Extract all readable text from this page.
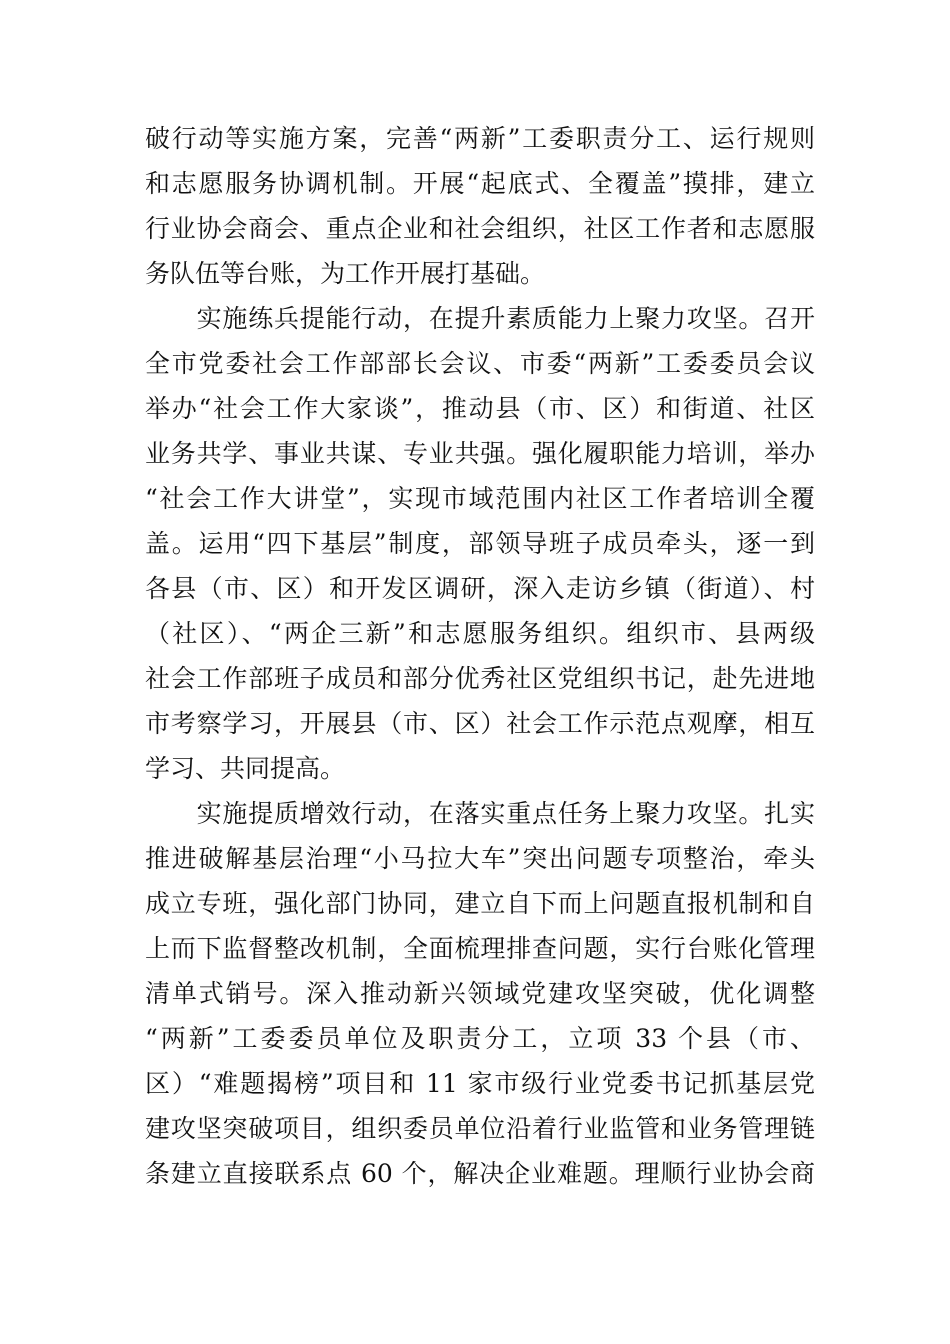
破行动等实施方案，完善“两新”工委职责分工、运行规则
和志愿服务协调机制。开展“起底式、全覆盖”摸排，建立
行业协会商会、重点企业和社会组织，社区工作者和志愿服
务队伍等台账，为工作开展打基础。
　　实施练兵提能行动，在提升素质能力上聚力攻坚。召开
全市党委社会工作部部长会议、市委“两新”工委委员会议
举办“社会工作大家谈”，推动县（市、区）和街道、社区
业务共学、事业共谋、专业共强。强化履职能力培训，举办
“社会工作大讲堂”，实现市域范围内社区工作者培训全覆
盖。运用“四下基层”制度，部领导班子成员牵头，逐一到
各县（市、区）和开发区调研，深入走访乡镇（街道）、村
（社区）、“两企三新”和志愿服务组织。组织市、县两级
社会工作部班子成员和部分优秀社区党组织书记，赴先进地
市考察学习，开展县（市、区）社会工作示范点观摩，相互
学习、共同提高。
　　实施提质增效行动，在落实重点任务上聚力攻坚。扎实
推进破解基层治理“小马拉大车”突出问题专项整治，牵头
成立专班，强化部门协同，建立自下而上问题直报机制和自
上而下监督整改机制，全面梳理排查问题，实行台账化管理
清单式销号。深入推动新兴领域党建攻坚突破，优化调整
“两新”工委委员单位及职责分工，立项 33 个县（市、
区）“难题揭榜”项目和 11 家市级行业党委书记抓基层党
建攻坚突破项目，组织委员单位沿着行业监管和业务管理链
条建立直接联系点 60 个，解决企业难题。理顺行业协会商
